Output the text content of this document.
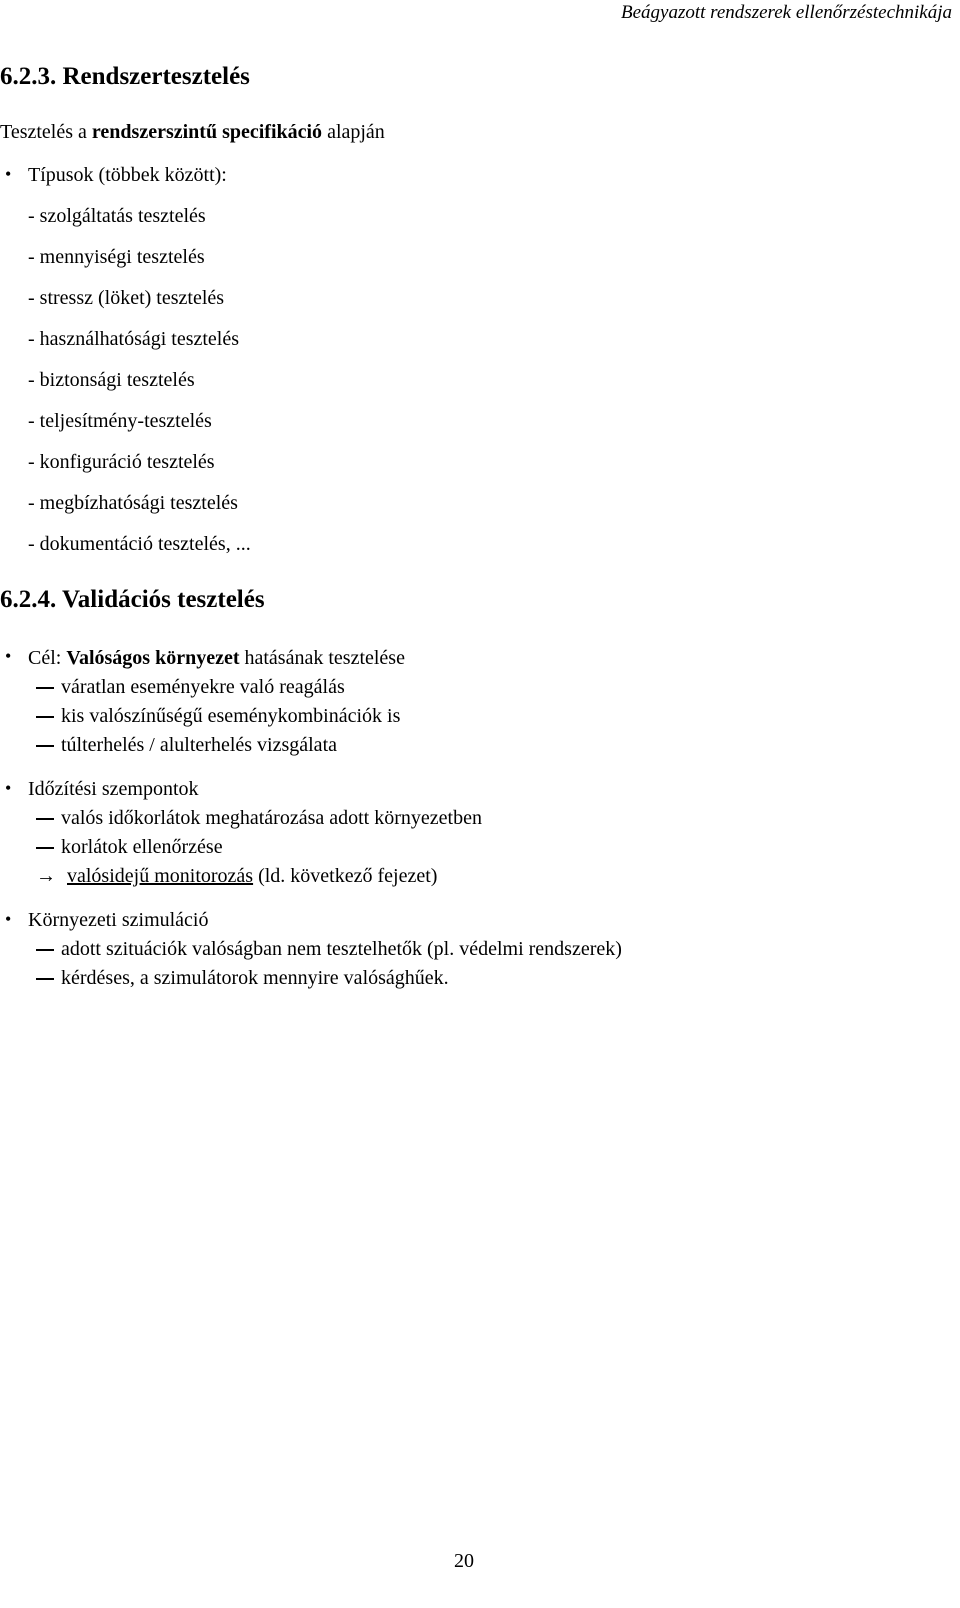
Beágyazott rendszerek ellenőrzéstechnikája
6.2.3. Rendszertesztelés
Tesztelés a rendszerszintű specifikáció alapján
• Típusok (többek között):
- szolgáltatás tesztelés
- mennyiségi tesztelés
- stressz (löket) tesztelés
- használhatósági tesztelés
- biztonsági tesztelés
- teljesítmény-tesztelés
- konfiguráció tesztelés
- megbízhatósági tesztelés
- dokumentáció tesztelés, ...
6.2.4. Validációs tesztelés
• Cél: Valóságos környezet hatásának tesztelése
váratlan eseményekre való reagálás
kis valószínűségű eseménykombinációk is
túlterhelés / alulterhelés vizsgálata
• Időzítési szempontok
valós időkorlátok meghatározása adott környezetben
korlátok ellenőrzése
→ valósidejű monitorozás (ld. következő fejezet)
• Környezeti szimuláció
adott szituációk valóságban nem tesztelhetők (pl. védelmi rendszerek)
kérdéses, a szimulátorok mennyire valósághűek.
20
